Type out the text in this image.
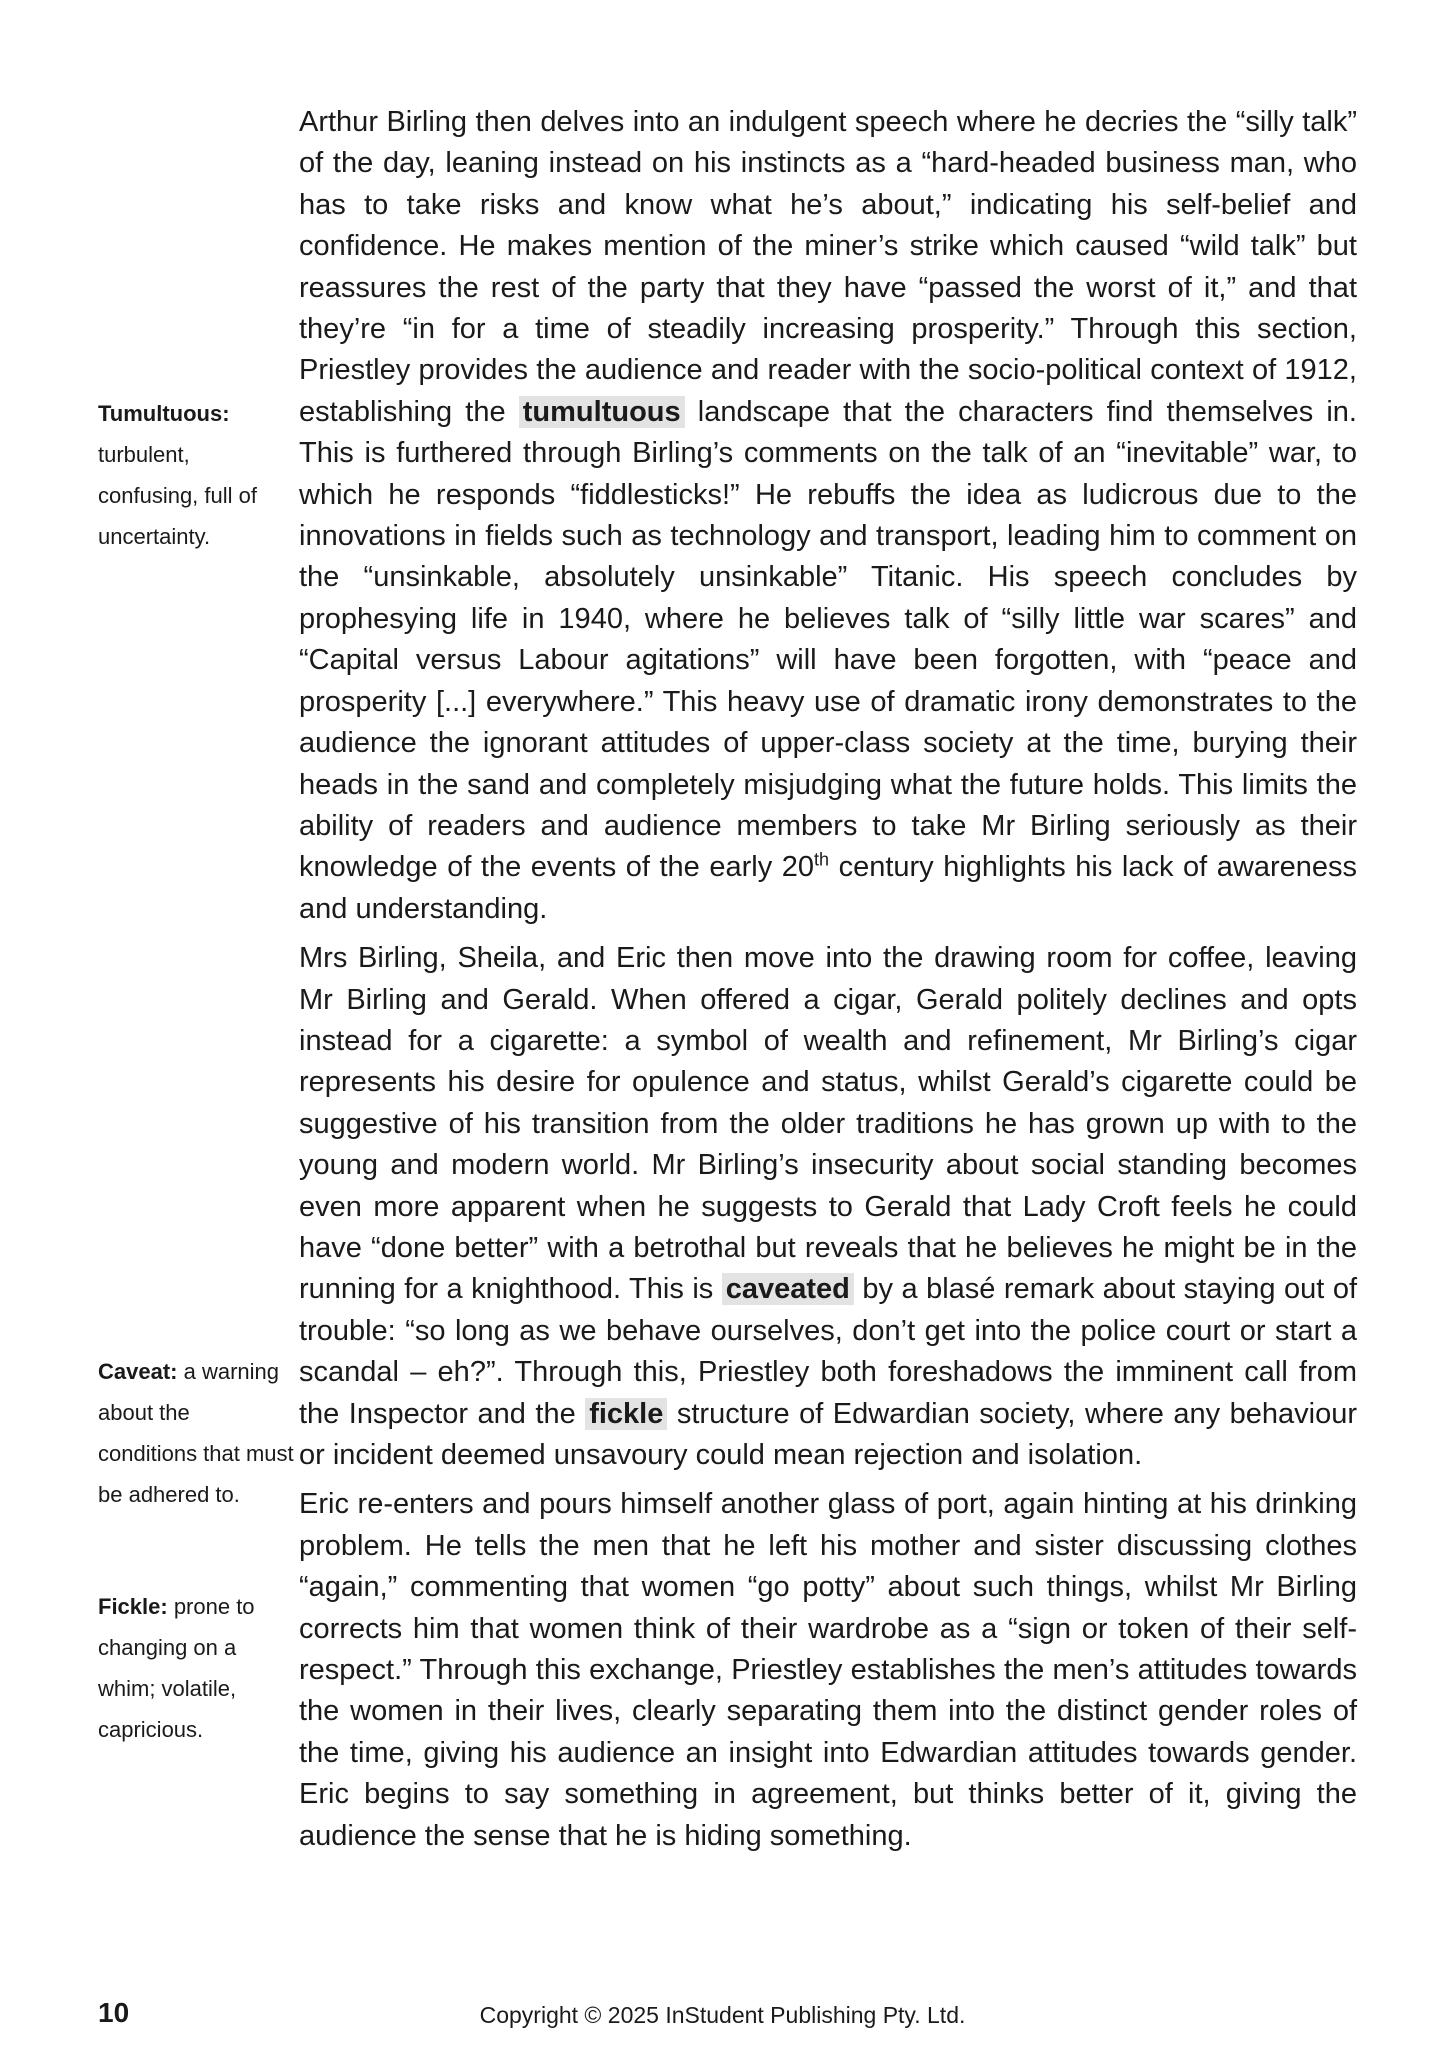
Tumultuous: turbulent, confusing, full of uncertainty.

Caveat: a warning about the conditions that must be adhered to.

Fickle: prone to changing on a whim; volatile, capricious.

Arthur Birling then delves into an indulgent speech where he decries the “silly talk” of the day, leaning instead on his instincts as a “hard-headed business man, who has to take risks and know what he’s about,” indicating his self-belief and confidence. He makes mention of the miner’s strike which caused “wild talk” but reassures the rest of the party that they have “passed the worst of it,” and that they’re “in for a time of steadily increasing prosperity.” Through this section, Priestley provides the audience and reader with the socio-political context of 1912, establishing the tumultuous landscape that the characters find themselves in. This is furthered through Birling’s comments on the talk of an “inevitable” war, to which he responds “fiddlesticks!” He rebuffs the idea as ludicrous due to the innovations in fields such as technology and transport, leading him to comment on the “unsinkable, absolutely unsinkable” Titanic. His speech concludes by prophesying life in 1940, where he believes talk of “silly little war scares” and “Capital versus Labour agitations” will have been forgotten, with “peace and prosperity [...] everywhere.” This heavy use of dramatic irony demonstrates to the audience the ignorant attitudes of upper-class society at the time, burying their heads in the sand and completely misjudging what the future holds. This limits the ability of readers and audience members to take Mr Birling seriously as their knowledge of the events of the early 20th century highlights his lack of awareness and understanding.

Mrs Birling, Sheila, and Eric then move into the drawing room for coffee, leaving Mr Birling and Gerald. When offered a cigar, Gerald politely declines and opts instead for a cigarette: a symbol of wealth and refinement, Mr Birling’s cigar represents his desire for opulence and status, whilst Gerald’s cigarette could be suggestive of his transition from the older traditions he has grown up with to the young and modern world. Mr Birling’s insecurity about social standing becomes even more apparent when he suggests to Gerald that Lady Croft feels he could have “done better” with a betrothal but reveals that he believes he might be in the running for a knighthood. This is caveated by a blasé remark about staying out of trouble: “so long as we behave ourselves, don’t get into the police court or start a scandal – eh?”. Through this, Priestley both foreshadows the imminent call from the Inspector and the fickle structure of Edwardian society, where any behaviour or incident deemed unsavoury could mean rejection and isolation.

Eric re-enters and pours himself another glass of port, again hinting at his drinking problem. He tells the men that he left his mother and sister discussing clothes “again,” commenting that women “go potty” about such things, whilst Mr Birling corrects him that women think of their wardrobe as a “sign or token of their self-respect.” Through this exchange, Priestley establishes the men’s attitudes towards the women in their lives, clearly separating them into the distinct gender roles of the time, giving his audience an insight into Edwardian attitudes towards gender. Eric begins to say something in agreement, but thinks better of it, giving the audience the sense that he is hiding something.

10	Copyright © 2025 InStudent Publishing Pty. Ltd.
